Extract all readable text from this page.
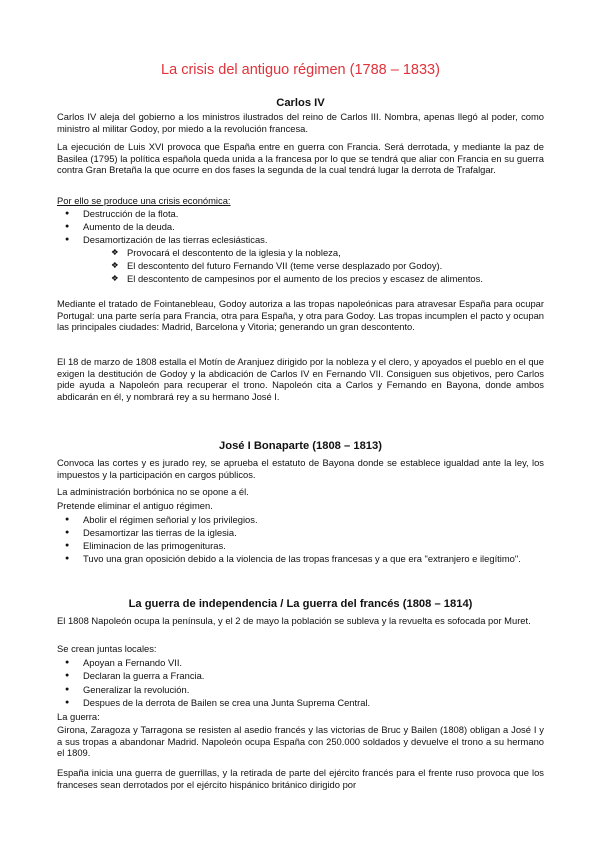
La crisis del antiguo régimen (1788 – 1833)
Carlos IV
Carlos IV aleja del gobierno a los ministros ilustrados del reino de Carlos III. Nombra, apenas llegó al poder, como ministro al militar Godoy, por miedo a la revolución francesa.
La ejecución de Luis XVI provoca que España entre en guerra con Francia. Será derrotada, y mediante la paz de Basilea (1795) la política española queda unida a la francesa por lo que se tendrá que aliar con Francia en su guerra contra Gran Bretaña la que ocurre en dos fases la segunda de la cual tendrá lugar la derrota de Trafalgar.
Por ello se produce una crisis económica:
● Destrucción de la flota.
● Aumento de la deuda.
● Desamortización de las tierras eclesiásticas.
❖ Provocará el descontento de la iglesia y la nobleza,
❖ El descontento del futuro Fernando VII (teme verse desplazado por Godoy).
❖ El descontento de campesinos por el aumento de los precios y escasez de alimentos.
Mediante el tratado de Fointanebleau, Godoy autoriza a las tropas napoleónicas para atravesar España para ocupar Portugal: una parte sería para Francia, otra para España, y otra para Godoy. Las tropas incumplen el pacto y ocupan las principales ciudades: Madrid, Barcelona y Vitoria; generando un gran descontento.
El 18 de marzo de 1808 estalla el Motín de Aranjuez dirigido por la nobleza y el clero, y apoyados el pueblo en el que exigen la destitución de Godoy y la abdicación de Carlos IV en Fernando VII. Consiguen sus objetivos, pero Carlos pide ayuda a Napoleón para recuperar el trono. Napoleón cita a Carlos y Fernando en Bayona, donde ambos abdicarán en él, y nombrará rey a su hermano José I.
José I Bonaparte (1808 – 1813)
Convoca las cortes y es jurado rey, se aprueba el estatuto de Bayona donde se establece igualdad ante la ley, los impuestos y la participación en cargos públicos.
La administración borbónica no se opone a él.
Pretende eliminar el antiguo régimen.
● Abolir el régimen señorial y los privilegios.
● Desamortizar las tierras de la iglesia.
● Eliminacion de las primogenituras.
● Tuvo una gran oposición debido a la violencia de las tropas francesas y a que era "extranjero e ilegítimo".
La guerra de independencia / La guerra del francés (1808 – 1814)
El 1808 Napoleón ocupa la península, y el 2 de mayo la población se subleva y la revuelta es sofocada por Muret.
Se crean juntas locales:
● Apoyan a Fernando VII.
● Declaran la guerra a Francia.
● Generalizar la revolución.
● Despues de la derrota de Bailen se crea una Junta Suprema Central.
La guerra:
Girona, Zaragoza y Tarragona se resisten al asedio francés y las victorias de Bruc y Bailen (1808) obligan a José I y a sus tropas a abandonar Madrid. Napoleón ocupa España con 250.000 soldados y devuelve el trono a su hermano el 1809.
España inicia una guerra de guerrillas, y la retirada de parte del ejército francés para el frente ruso provoca que los franceses sean derrotados por el ejército hispánico británico dirigido por
